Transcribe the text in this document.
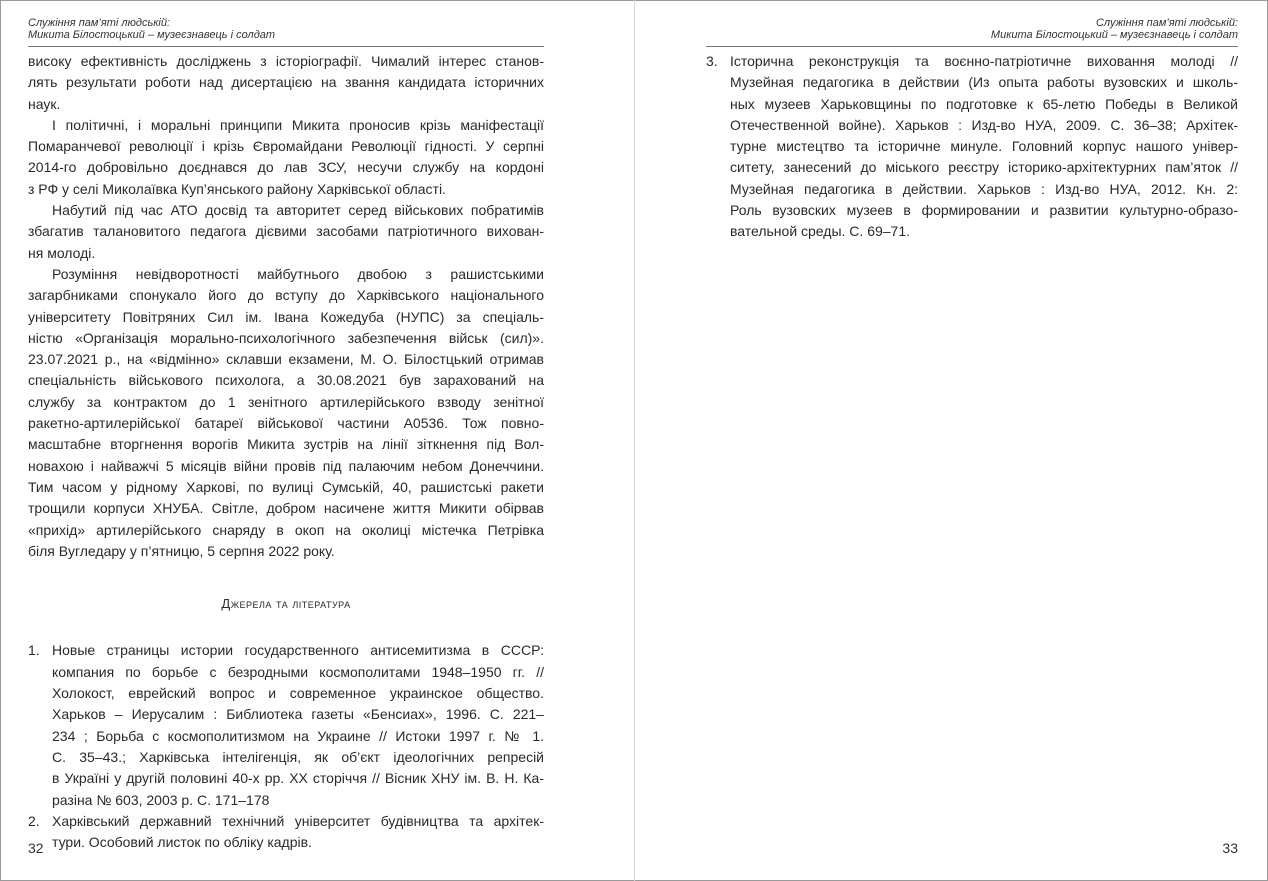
Служіння пам’яті людській:
Микита Білостоцький – музеєзнавець і солдат
високу ефективність досліджень з історіографії. Чималий інтерес станов-
лять результати роботи над дисертацією на звання кандидата історичних
наук.
І політичні, і моральні принципи Микита проносив крізь маніфестації
Помаранчевої революції і крізь Євромайдани Революції гідності. У серпні
2014-го добровільно доєднався до лав ЗСУ, несучи службу на кордоні
з РФ у селі Миколаївка Куп’янського району Харківської області.
Набутий під час АТО досвід та авторитет серед військових побратимів
збагатив талановитого педагога дієвими засобами патріотичного вихован-
ня молоді.
Розуміння невідворотності майбутнього двобою з рашистськими
загарбниками спонукало його до вступу до Харківського національного
університету Повітряних Сил ім. Івана Кожедуба (НУПС) за спеціаль-
ністю «Організація морально-психологічного забезпечення військ (сил)».
23.07.2021 р., на «відмінно» склавши екзамени, М. О. Білостцький отримав
спеціальність військового психолога, а 30.08.2021 був зарахований на
службу за контрактом до 1 зенітного артилерійського взводу зенітної
ракетно-артилерійської батареї військової частини А0536. Тож повно-
масштабне вторгнення ворогів Микита зустрів на лінії зіткнення під Вол-
новахою і найважчі 5 місяців війни провів під палаючим небом Донеччини.
Тим часом у рідному Харкові, по вулиці Сумській, 40, рашистські ракети
трощили корпуси ХНУБА. Світле, добром насичене життя Микити обірвав
«прихід» артилерійського снаряду в окоп на околиці містечка Петрівка
біля Вугледару у п’ятницю, 5 серпня 2022 року.
Джерела та література
1. Новые страницы истории государственного антисемитизма в СССР:
компания по борьбе с безродными космополитами 1948–1950 гг. //
Холокост, еврейский вопрос и современное украинское общество.
Харьков – Иерусалим : Библиотека газеты «Бенсиах», 1996. С. 221–
234 ; Борьба с космополитизмом на Украине // Истоки 1997 г. № 1.
С. 35–43.; Харківська інтелігенція, як об’єкт ідеологічних репресій
в Україні у другій половині 40-х рр. ХХ сторіччя // Вісник ХНУ ім. В. Н. Ка-
разіна № 603, 2003 р. С. 171–178
2. Харківський державний технічний університет будівництва та архітек-
тури. Особовий листок по обліку кадрів.
32
Служіння пам’яті людській:
Микита Білостоцький – музеєзнавець і солдат
3. Історична реконструкція та воєнно-патріотичне виховання молоді //
Музейная педагогика в действии (Из опыта работы вузовских и школь-
ных музеев Харьковщины по подготовке к 65-летю Победы в Великой
Отечественной войне). Харьков : Изд-во НУА, 2009. С. 36–38; Архітек-
турне мистецтво та історичне минуле. Головний корпус нашого універ-
ситету, занесений до міського реєстру історико-архітектурних пам’яток //
Музейная педагогика в действии. Харьков : Изд-во НУА, 2012. Кн. 2:
Роль вузовских музеев в формировании и развитии культурно-образо-
вательной среды. С. 69–71.
33
